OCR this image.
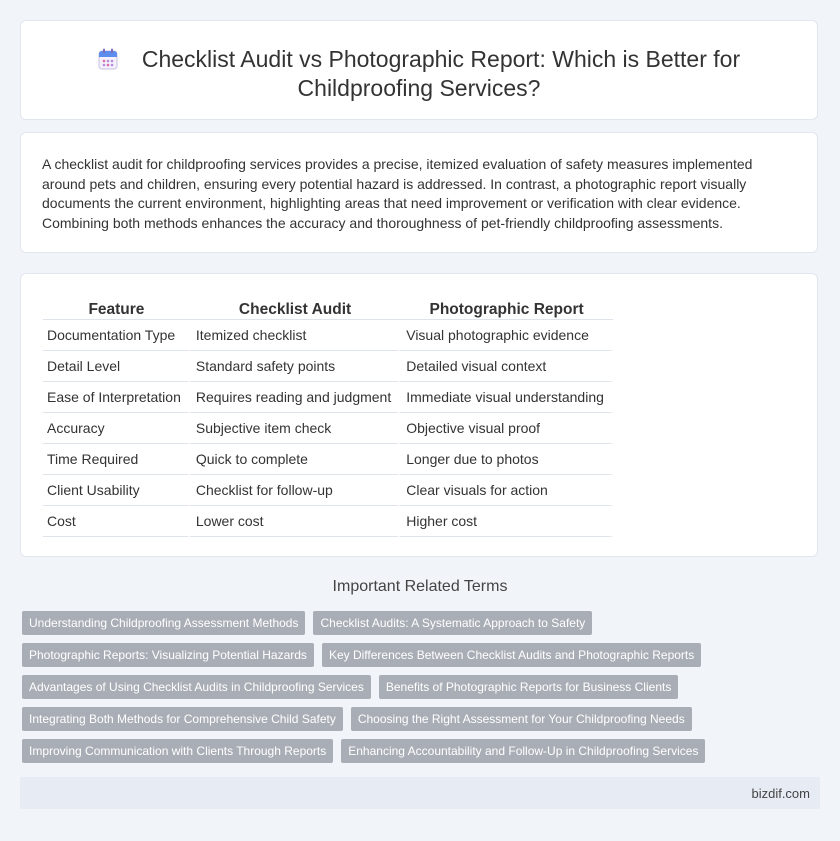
Checklist Audit vs Photographic Report: Which is Better for
Childproofing Services?
A checklist audit for childproofing services provides a precise, itemized evaluation of safety measures implemented around pets and children, ensuring every potential hazard is addressed. In contrast, a photographic report visually documents the current environment, highlighting areas that need improvement or verification with clear evidence. Combining both methods enhances the accuracy and thoroughness of pet-friendly childproofing assessments.
Feature	Checklist Audit	Photographic Report
Documentation Type	Itemized checklist	Visual photographic evidence
Detail Level	Standard safety points	Detailed visual context
Ease of Interpretation	Requires reading and judgment	Immediate visual understanding
Accuracy	Subjective item check	Objective visual proof
Time Required	Quick to complete	Longer due to photos
Client Usability	Checklist for follow-up	Clear visuals for action
Cost	Lower cost	Higher cost
Important Related Terms
Understanding Childproofing Assessment Methods Checklist Audits: A Systematic Approach to Safety
Photographic Reports: Visualizing Potential Hazards Key Differences Between Checklist Audits and Photographic Reports
Advantages of Using Checklist Audits in Childproofing Services Benefits of Photographic Reports for Business Clients
Integrating Both Methods for Comprehensive Child Safety Choosing the Right Assessment for Your Childproofing Needs
Improving Communication with Clients Through Reports Enhancing Accountability and Follow-Up in Childproofing Services
bizdif.com
